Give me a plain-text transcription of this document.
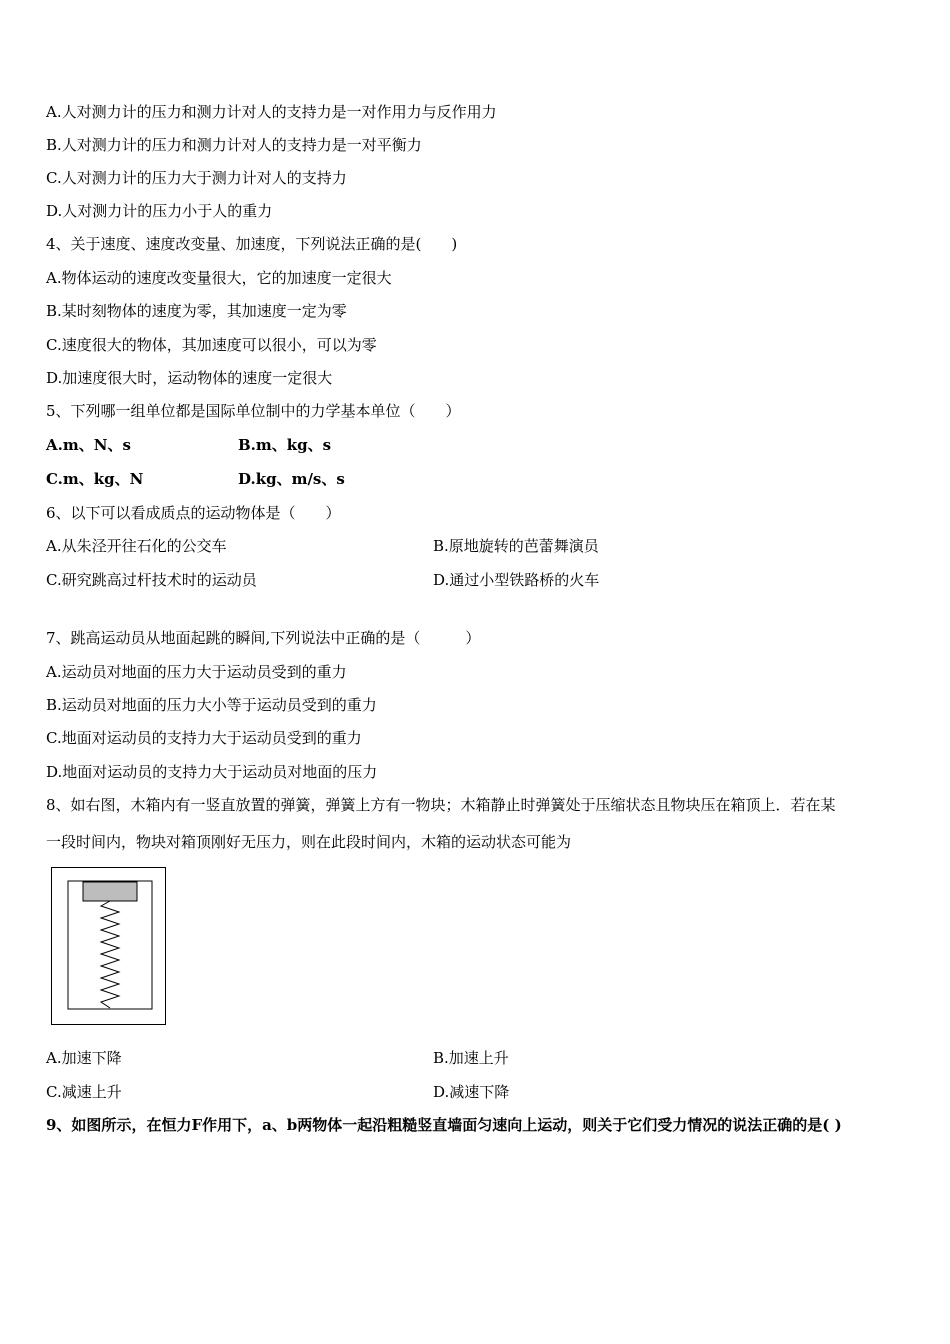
A.人对测力计的压力和测力计对人的支持力是一对作用力与反作用力
B.人对测力计的压力和测力计对人的支持力是一对平衡力
C.人对测力计的压力大于测力计对人的支持力
D.人对测力计的压力小于人的重力
4、关于速度、速度改变量、加速度，下列说法正确的是(　　)
A.物体运动的速度改变量很大，它的加速度一定很大
B.某时刻物体的速度为零，其加速度一定为零
C.速度很大的物体，其加速度可以很小，可以为零
D.加速度很大时，运动物体的速度一定很大
5、下列哪一组单位都是国际单位制中的力学基本单位（　　）
A.m、N、s	B.m、kg、s
C.m、kg、N	D.kg、m/s、s
6、以下可以看成质点的运动物体是（　　）
A.从朱泾开往石化的公交车	B.原地旋转的芭蕾舞演员
C.研究跳高过杆技术时的运动员	D.通过小型铁路桥的火车
7、跳高运动员从地面起跳的瞬间,下列说法中正确的是（　　　）
A.运动员对地面的压力大于运动员受到的重力
B.运动员对地面的压力大小等于运动员受到的重力
C.地面对运动员的支持力大于运动员受到的重力
D.地面对运动员的支持力大于运动员对地面的压力
8、如右图，木箱内有一竖直放置的弹簧，弹簧上方有一物块；木箱静止时弹簧处于压缩状态且物块压在箱顶上．若在某
一段时间内，物块对箱顶刚好无压力，则在此段时间内，木箱的运动状态可能为
A.加速下降	B.加速上升
C.减速上升	D.减速下降
9、如图所示，在恒力F作用下，a、b两物体一起沿粗糙竖直墙面匀速向上运动，则关于它们受力情况的说法正确的是( )
